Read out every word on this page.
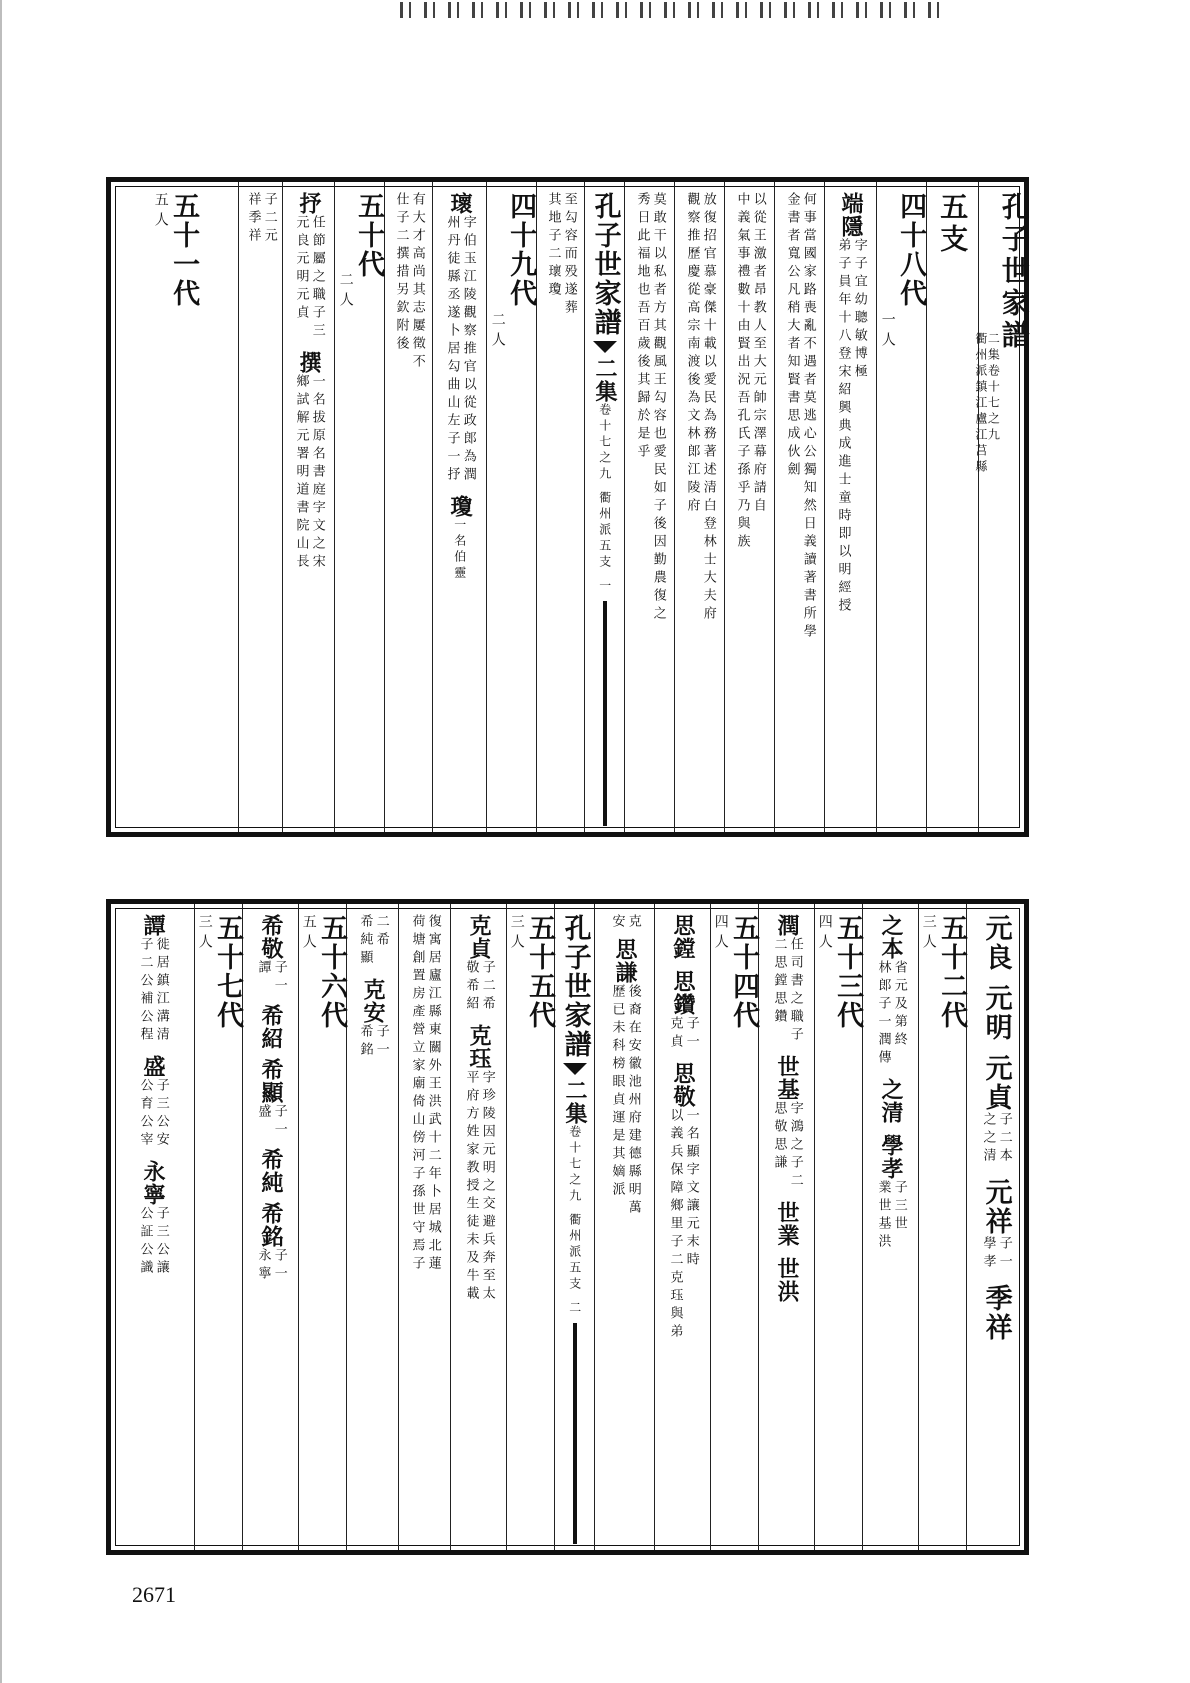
孔子世家譜
二集卷十七之九
衢州派鎮江盧江莒縣
五支
四十八代
一人
端隱
字子宜幼聰敏博極
弟子員年十八登宋紹興典成進士童時即以明經授
何事當國家路喪亂不遇者莫逃心公獨知然日義讀著書所學
金書者寬公凡稍大者知賢書思成伙劍
以從王激者昂教人至大元帥宗澤幕府請自
中義氣事禮數十由賢出況吾孔氏子孫乎乃與族
放復招官慕豪傑十載以愛民為務著述清白登林士大夫府
觀察推歷慶從高宗南渡後為文林郎江陵府
莫敢干以私者方其觀風王勾容也愛民如子後因勤農復之
秀日此福地也吾百歲後其歸於是乎
孔子世家譜
二集
卷十七之九
衢州派
五支
一
至勾容而殁遂葬
其地子二瓌瓊
四十九代
二人
瓌
字伯玉江陵觀察推官以從政郎為潤
州丹徒縣丞遂卜居勾曲山左子一抒
瓊
一名伯靈
有大才高尚其志屢徵不
仕子二撰措另欽附後
五十代
二人
抒
任節屬之職子三
元良元明元貞
撰
一名拔原名書庭字文之宋
鄉試解元署明道書院山長
子二元
祥季祥
五十一代
五人
元良
元明
元貞
子二本
之之清
元祥
子一
學孝
季祥
五十二代
三人
之本
省元及第終
林郎子一潤傳
之清
學孝
子三世
業世基洪
五十三代
四人
潤
任司書之職子
二思鏜思鑽
世基
字鴻之子二
思敬思謙
世業
世洪
五十四代
四人
思鏜
思鑽
子一
克貞
思敬
一名顯字文讓元末時
以義兵保障鄉里子二克珏與弟
克
安
思謙
後裔在安徽池州府建德縣明萬
歷已未科榜眼貞運是其嫡派
孔子世家譜
二集
卷十七之九
衢州派
五支
二
五十五代
三人
克貞
子二希
敬希紹
克珏
字珍陵因元明之交避兵奔至太
平府方姓家教授生徒未及牛載
復寓居廬江縣東關外王洪武十二年卜居城北蓮
荷塘創置房產營立家廟倚山傍河子孫世守焉子
二希
希純顯
克安
子一
希銘
五十六代
五人
希敬
子一
譚
希紹
希顯
子一
盛
希純
希銘
子一
永寧
五十七代
三人
譚
徙居鎮江溝清
子二公補公程
盛
子三公安
公育公宰
永寧
子三公讓
公証公識
2671
